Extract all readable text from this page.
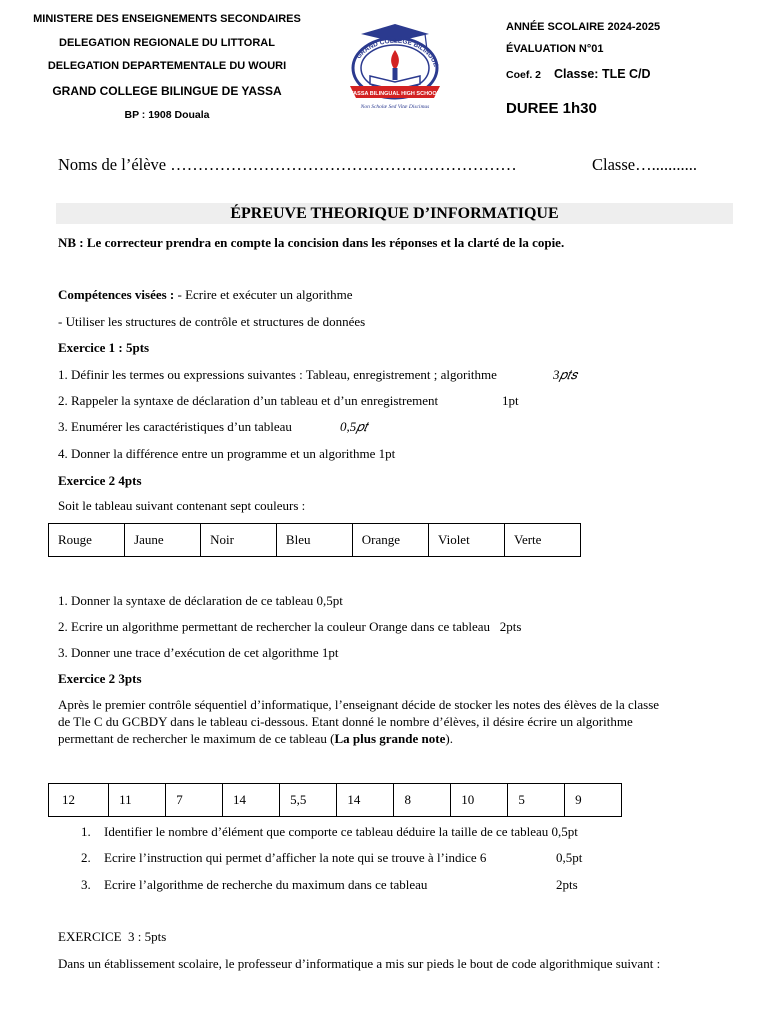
MINISTERE DES ENSEIGNEMENTS SECONDAIRES
DELEGATION REGIONALE DU LITTORAL
DELEGATION DEPARTEMENTALE DU WOURI
GRAND COLLEGE BILINGUE DE YASSA
BP : 1908 Douala
GRAND COLLEGE BILINGUE
YASSA BILINGUAL HIGH SCHOOL
Non Scholæ Sed Vitæ Discimus
ANNÉE SCOLAIRE 2024-2025
ÉVALUATION N°01
Coef. 2 Classe: TLE C/D
DUREE 1h30
Noms de l’élève ………………………………………………………	Classe…...........
ÉPREUVE THEORIQUE D’INFORMATIQUE
NB : Le correcteur prendra en compte la concision dans les réponses et la clarté de la copie.
Compétences visées : - Ecrire et exécuter un algorithme
- Utiliser les structures de contrôle et structures de données
Exercice 1 : 5pts
1. Définir les termes ou expressions suivantes : Tableau, enregistrement ; algorithme	3𝑝𝑡𝑠
2. Rappeler la syntaxe de déclaration d’un tableau et d’un enregistrement	1pt
3. Enumérer les caractéristiques d’un tableau	0,5𝑝𝑡
4. Donner la différence entre un programme et un algorithme 1pt
Exercice 2 4pts
Soit le tableau suivant contenant sept couleurs :
Rouge	Jaune	Noir	Bleu	Orange	Violet	Verte
1. Donner la syntaxe de déclaration de ce tableau 0,5pt
2. Ecrire un algorithme permettant de rechercher la couleur Orange dans ce tableau   2pts
3. Donner une trace d’exécution de cet algorithme 1pt
Exercice 2 3pts
Après le premier contrôle séquentiel d’informatique, l’enseignant décide de stocker les notes des élèves de la classe
de Tle C du GCBDY dans le tableau ci-dessous. Etant donné le nombre d’élèves, il désire écrire un algorithme
permettant de rechercher le maximum de ce tableau (La plus grande note).
12	11	7	14	5,5	14	8	10	5	9
1. Identifier le nombre d’élément que comporte ce tableau déduire la taille de ce tableau 0,5pt
2. Ecrire l’instruction qui permet d’afficher la note qui se trouve à l’indice 6	0,5pt
3. Ecrire l’algorithme de recherche du maximum dans ce tableau	2pts
EXERCICE  3 : 5pts
Dans un établissement scolaire, le professeur d’informatique a mis sur pieds le bout de code algorithmique suivant :
